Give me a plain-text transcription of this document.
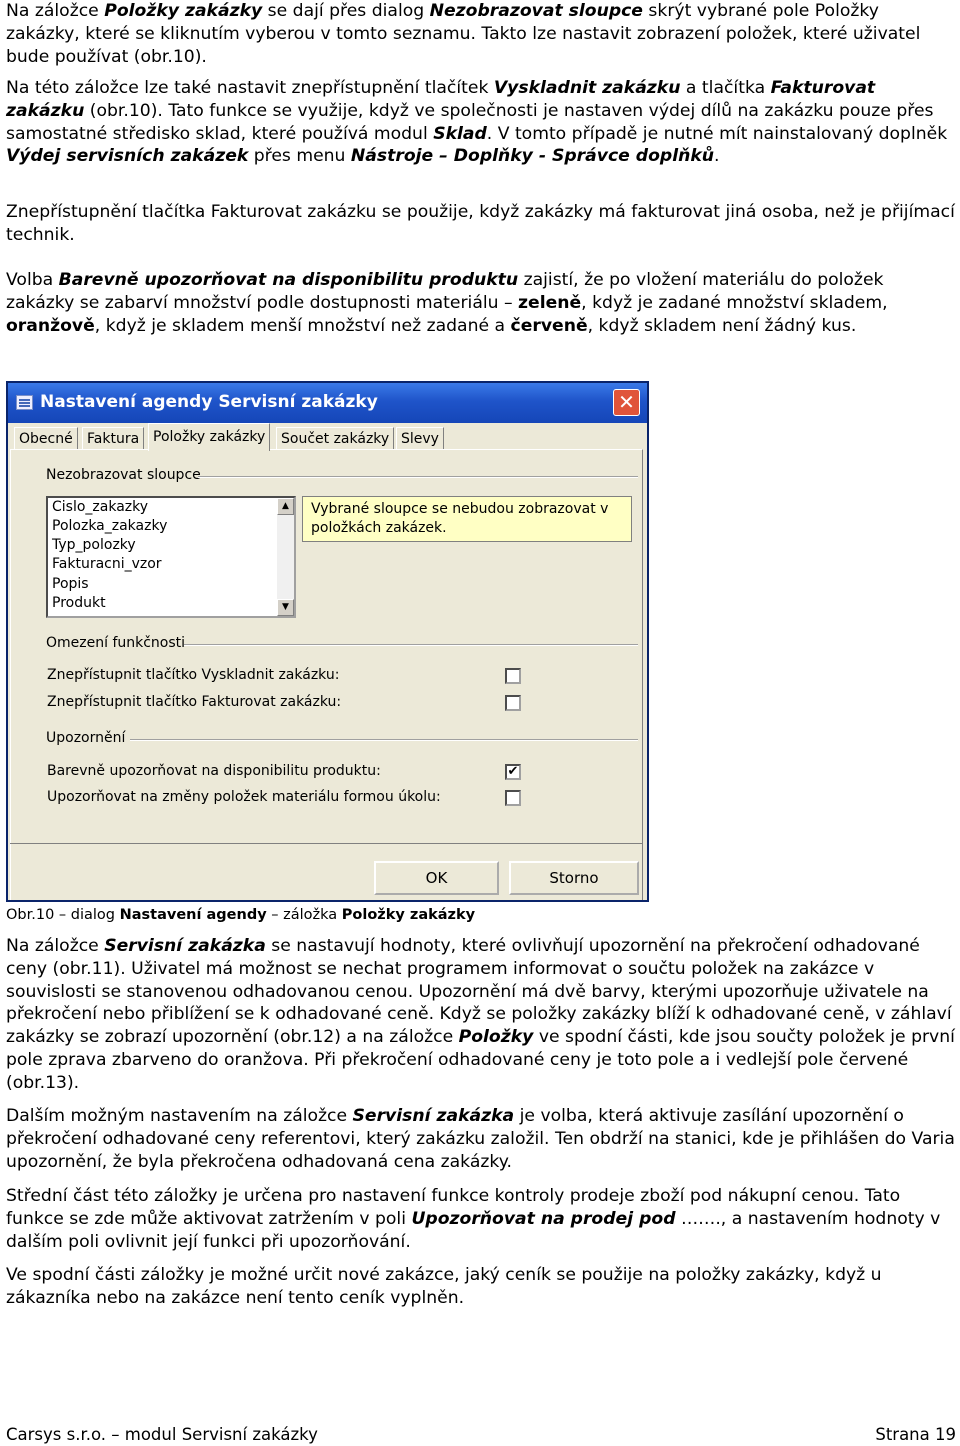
Na záložce Položky zakázky se dají přes dialog Nezobrazovat sloupce skrýt vybrané pole Položky zakázky, které se kliknutím vyberou v tomto seznamu. Takto lze nastavit zobrazení položek, které uživatel bude používat (obr.10).

Na této záložce lze také nastavit znepřístupnění tlačítek Vyskladnit zakázku a tlačítka Fakturovat zakázku (obr.10). Tato funkce se využije, když ve společnosti je nastaven výdej dílů na zakázku pouze přes samostatné středisko sklad, které používá modul Sklad. V tomto případě je nutné mít nainstalovaný doplněk Výdej servisních zakázek přes menu Nástroje – Doplňky - Správce doplňků.

Znepřístupnění tlačítka Fakturovat zakázku se použije, když zakázky má fakturovat jiná osoba, než je přijímací technik.

Volba Barevně upozorňovat na disponibilitu produktu zajistí, že po vložení materiálu do položek zakázky se zabarví množství podle dostupnosti materiálu – zeleně, když je zadané množství skladem, oranžově, když je skladem menší množství než zadané a červeně, když skladem není žádný kus.

Nastavení agendy Servisní zakázky	✕
Obecné	Faktura Položky zakázky	Součet zakázky Slevy
Nezobrazovat sloupce
Cislo_zakazky
Polozka_zakazky
Typ_polozky
Fakturacni_vzor
Popis
Produkt
▲
▼
Vybrané sloupce se nebudou zobrazovat v položkách zakázek.
Omezení funkčnosti
Znepřístupnit tlačítko Vyskladnit zakázku:
Znepřístupnit tlačítko Fakturovat zakázku:
Upozornění
Barevně upozorňovat na disponibilitu produktu:	✔
Upozorňovat na změny položek materiálu formou úkolu:
OK	Storno
Obr.10 – dialog Nastavení agendy – záložka Položky zakázky

Na záložce Servisní zakázka se nastavují hodnoty, které ovlivňují upozornění na překročení odhadované ceny (obr.11). Uživatel má možnost se nechat programem informovat o součtu položek na zakázce v souvislosti se stanovenou odhadovanou cenou. Upozornění má dvě barvy, kterými upozorňuje uživatele na překročení nebo přiblížení se k odhadované ceně. Když se položky zakázky blíží k odhadované ceně, v záhlaví zakázky se zobrazí upozornění (obr.12) a na záložce Položky ve spodní části, kde jsou součty položek je první pole zprava zbarveno do oranžova. Při překročení odhadované ceny je toto pole a i vedlejší pole červené (obr.13).

Dalším možným nastavením na záložce Servisní zakázka je volba, která aktivuje zasílání upozornění o překročení odhadované ceny referentovi, který zakázku založil. Ten obdrží na stanici, kde je přihlášen do Varia upozornění, že byla překročena odhadovaná cena zakázky.

Střední část této záložky je určena pro nastavení funkce kontroly prodeje zboží pod nákupní cenou. Tato funkce se zde může aktivovat zatržením v poli Upozorňovat na prodej pod ……., a nastavením hodnoty v dalším poli ovlivnit její funkci při upozorňování.

Ve spodní části záložky je možné určit nové zakázce, jaký ceník se použije na položky zakázky, když u zákazníka nebo na zakázce není tento ceník vyplněn.

Carsys s.r.o. – modul Servisní zakázky	Strana 19
